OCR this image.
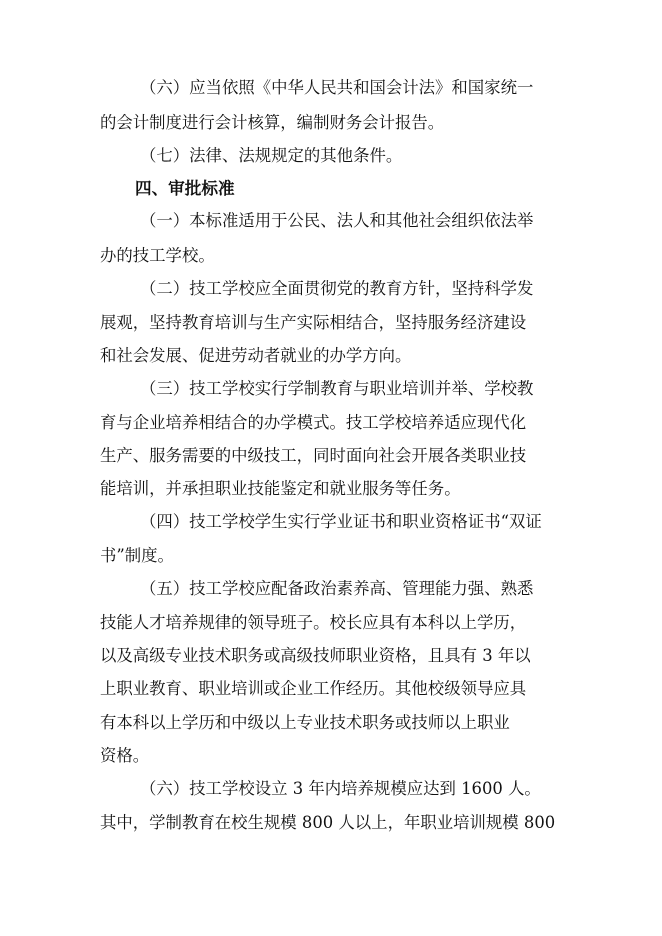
（六）应当依照《中华人民共和国会计法》和国家统一
的会计制度进行会计核算，编制财务会计报告。
（七）法律、法规规定的其他条件。
四、审批标准
（一）本标准适用于公民、法人和其他社会组织依法举
办的技工学校。
（二）技工学校应全面贯彻党的教育方针，坚持科学发
展观，坚持教育培训与生产实际相结合，坚持服务经济建设
和社会发展、促进劳动者就业的办学方向。
（三）技工学校实行学制教育与职业培训并举、学校教
育与企业培养相结合的办学模式。技工学校培养适应现代化
生产、服务需要的中级技工，同时面向社会开展各类职业技
能培训，并承担职业技能鉴定和就业服务等任务。
（四）技工学校学生实行学业证书和职业资格证书“双证
书”制度。
（五）技工学校应配备政治素养高、管理能力强、熟悉
技能人才培养规律的领导班子。校长应具有本科以上学历，
以及高级专业技术职务或高级技师职业资格，且具有 3 年以
上职业教育、职业培训或企业工作经历。其他校级领导应具
有本科以上学历和中级以上专业技术职务或技师以上职业
资格。
（六）技工学校设立 3 年内培养规模应达到 1600 人。
其中，学制教育在校生规模 800 人以上，年职业培训规模 800
